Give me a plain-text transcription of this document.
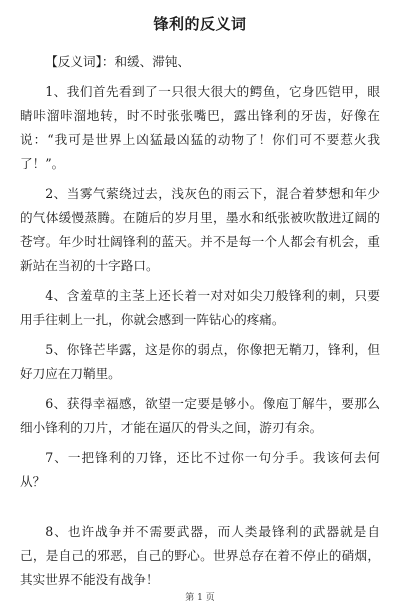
锋利的反义词

【反义词】：和缓、滞钝、

1、我们首先看到了一只很大很大的鳄鱼，它身匹铠甲，眼睛咔溜咔溜地转，时不时张张嘴巴，露出锋利的牙齿，好像在说：“我可是世界上凶猛最凶猛的动物了！你们可不要惹火我了！”。

2、当雾气萦绕过去，浅灰色的雨云下，混合着梦想和年少的气体缓慢蒸腾。在随后的岁月里，墨水和纸张被吹散进辽阔的苍穹。年少时壮阔锋利的蓝天。并不是每一个人都会有机会，重新站在当初的十字路口。

4、含羞草的主茎上还长着一对对如尖刀般锋利的刺，只要用手往刺上一扎，你就会感到一阵钻心的疼痛。

5、你锋芒毕露，这是你的弱点，你像把无鞘刀，锋利，但好刀应在刀鞘里。

6、获得幸福感，欲望一定要是够小。像庖丁解牛，要那么细小锋利的刀片，才能在逼仄的骨头之间，游刃有余。

7、一把锋利的刀锋，还比不过你一句分手。我该何去何从？

8、也许战争并不需要武器，而人类最锋利的武器就是自己，是自己的邪恶，自己的野心。世界总存在着不停止的硝烟，其实世界不能没有战争！

第 1 页
